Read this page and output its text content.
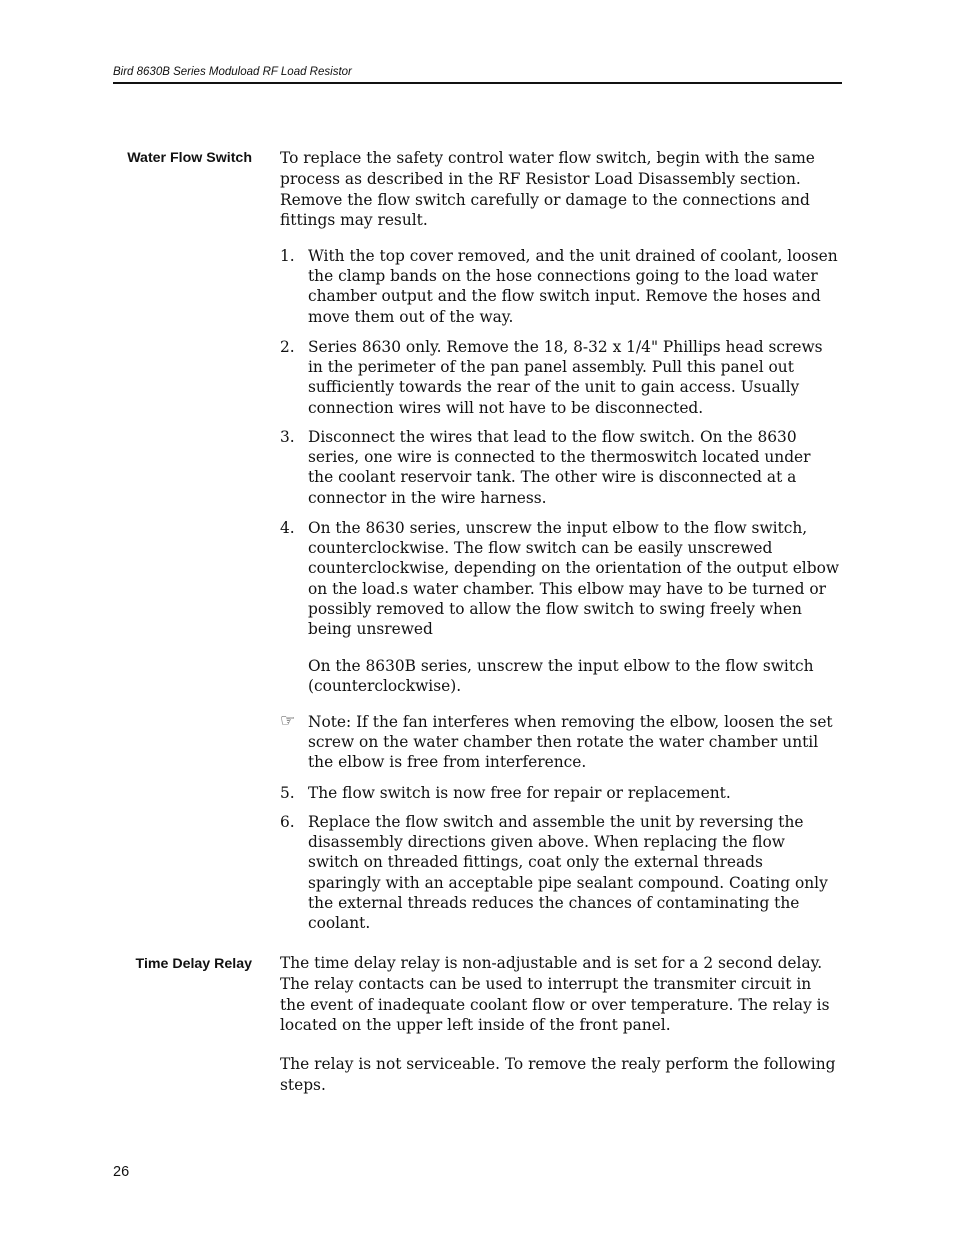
Bird 8630B Series Moduload RF Load Resistor
Water Flow Switch To replace the safety control water flow switch, begin with the same process as described in the RF Resistor Load Disassembly section. Remove the flow switch carefully or damage to the connections and fittings may result.

1. With the top cover removed, and the unit drained of coolant, loosen the clamp bands on the hose connections going to the load water chamber output and the flow switch input. Remove the hoses and move them out of the way.
2. Series 8630 only. Remove the 18, 8-32 x 1/4" Phillips head screws in the perimeter of the pan panel assembly. Pull this panel out sufficiently towards the rear of the unit to gain access. Usually connection wires will not have to be disconnected.
3. Disconnect the wires that lead to the flow switch. On the 8630 series, one wire is connected to the thermoswitch located under the coolant reservoir tank. The other wire is disconnected at a connector in the wire harness.
4. On the 8630 series, unscrew the input elbow to the flow switch, counterclockwise. The flow switch can be easily unscrewed counterclockwise, depending on the orientation of the output elbow on the load.s water chamber. This elbow may have to be turned or possibly removed to allow the flow switch to swing freely when being unsrewed
On the 8630B series, unscrew the input elbow to the flow switch (counterclockwise).
☞ Note: If the fan interferes when removing the elbow, loosen the set screw on the water chamber then rotate the water chamber until the elbow is free from interference.
5. The flow switch is now free for repair or replacement.
6. Replace the flow switch and assemble the unit by reversing the disassembly directions given above. When replacing the flow switch on threaded fittings, coat only the external threads sparingly with an acceptable pipe sealant compound. Coating only the external threads reduces the chances of contaminating the coolant.
Time Delay Relay The time delay relay is non-adjustable and is set for a 2 second delay. The relay contacts can be used to interrupt the transmiter circuit in the event of inadequate coolant flow or over temperature. The relay is located on the upper left inside of the front panel.

The relay is not serviceable. To remove the realy perform the following steps.

26
